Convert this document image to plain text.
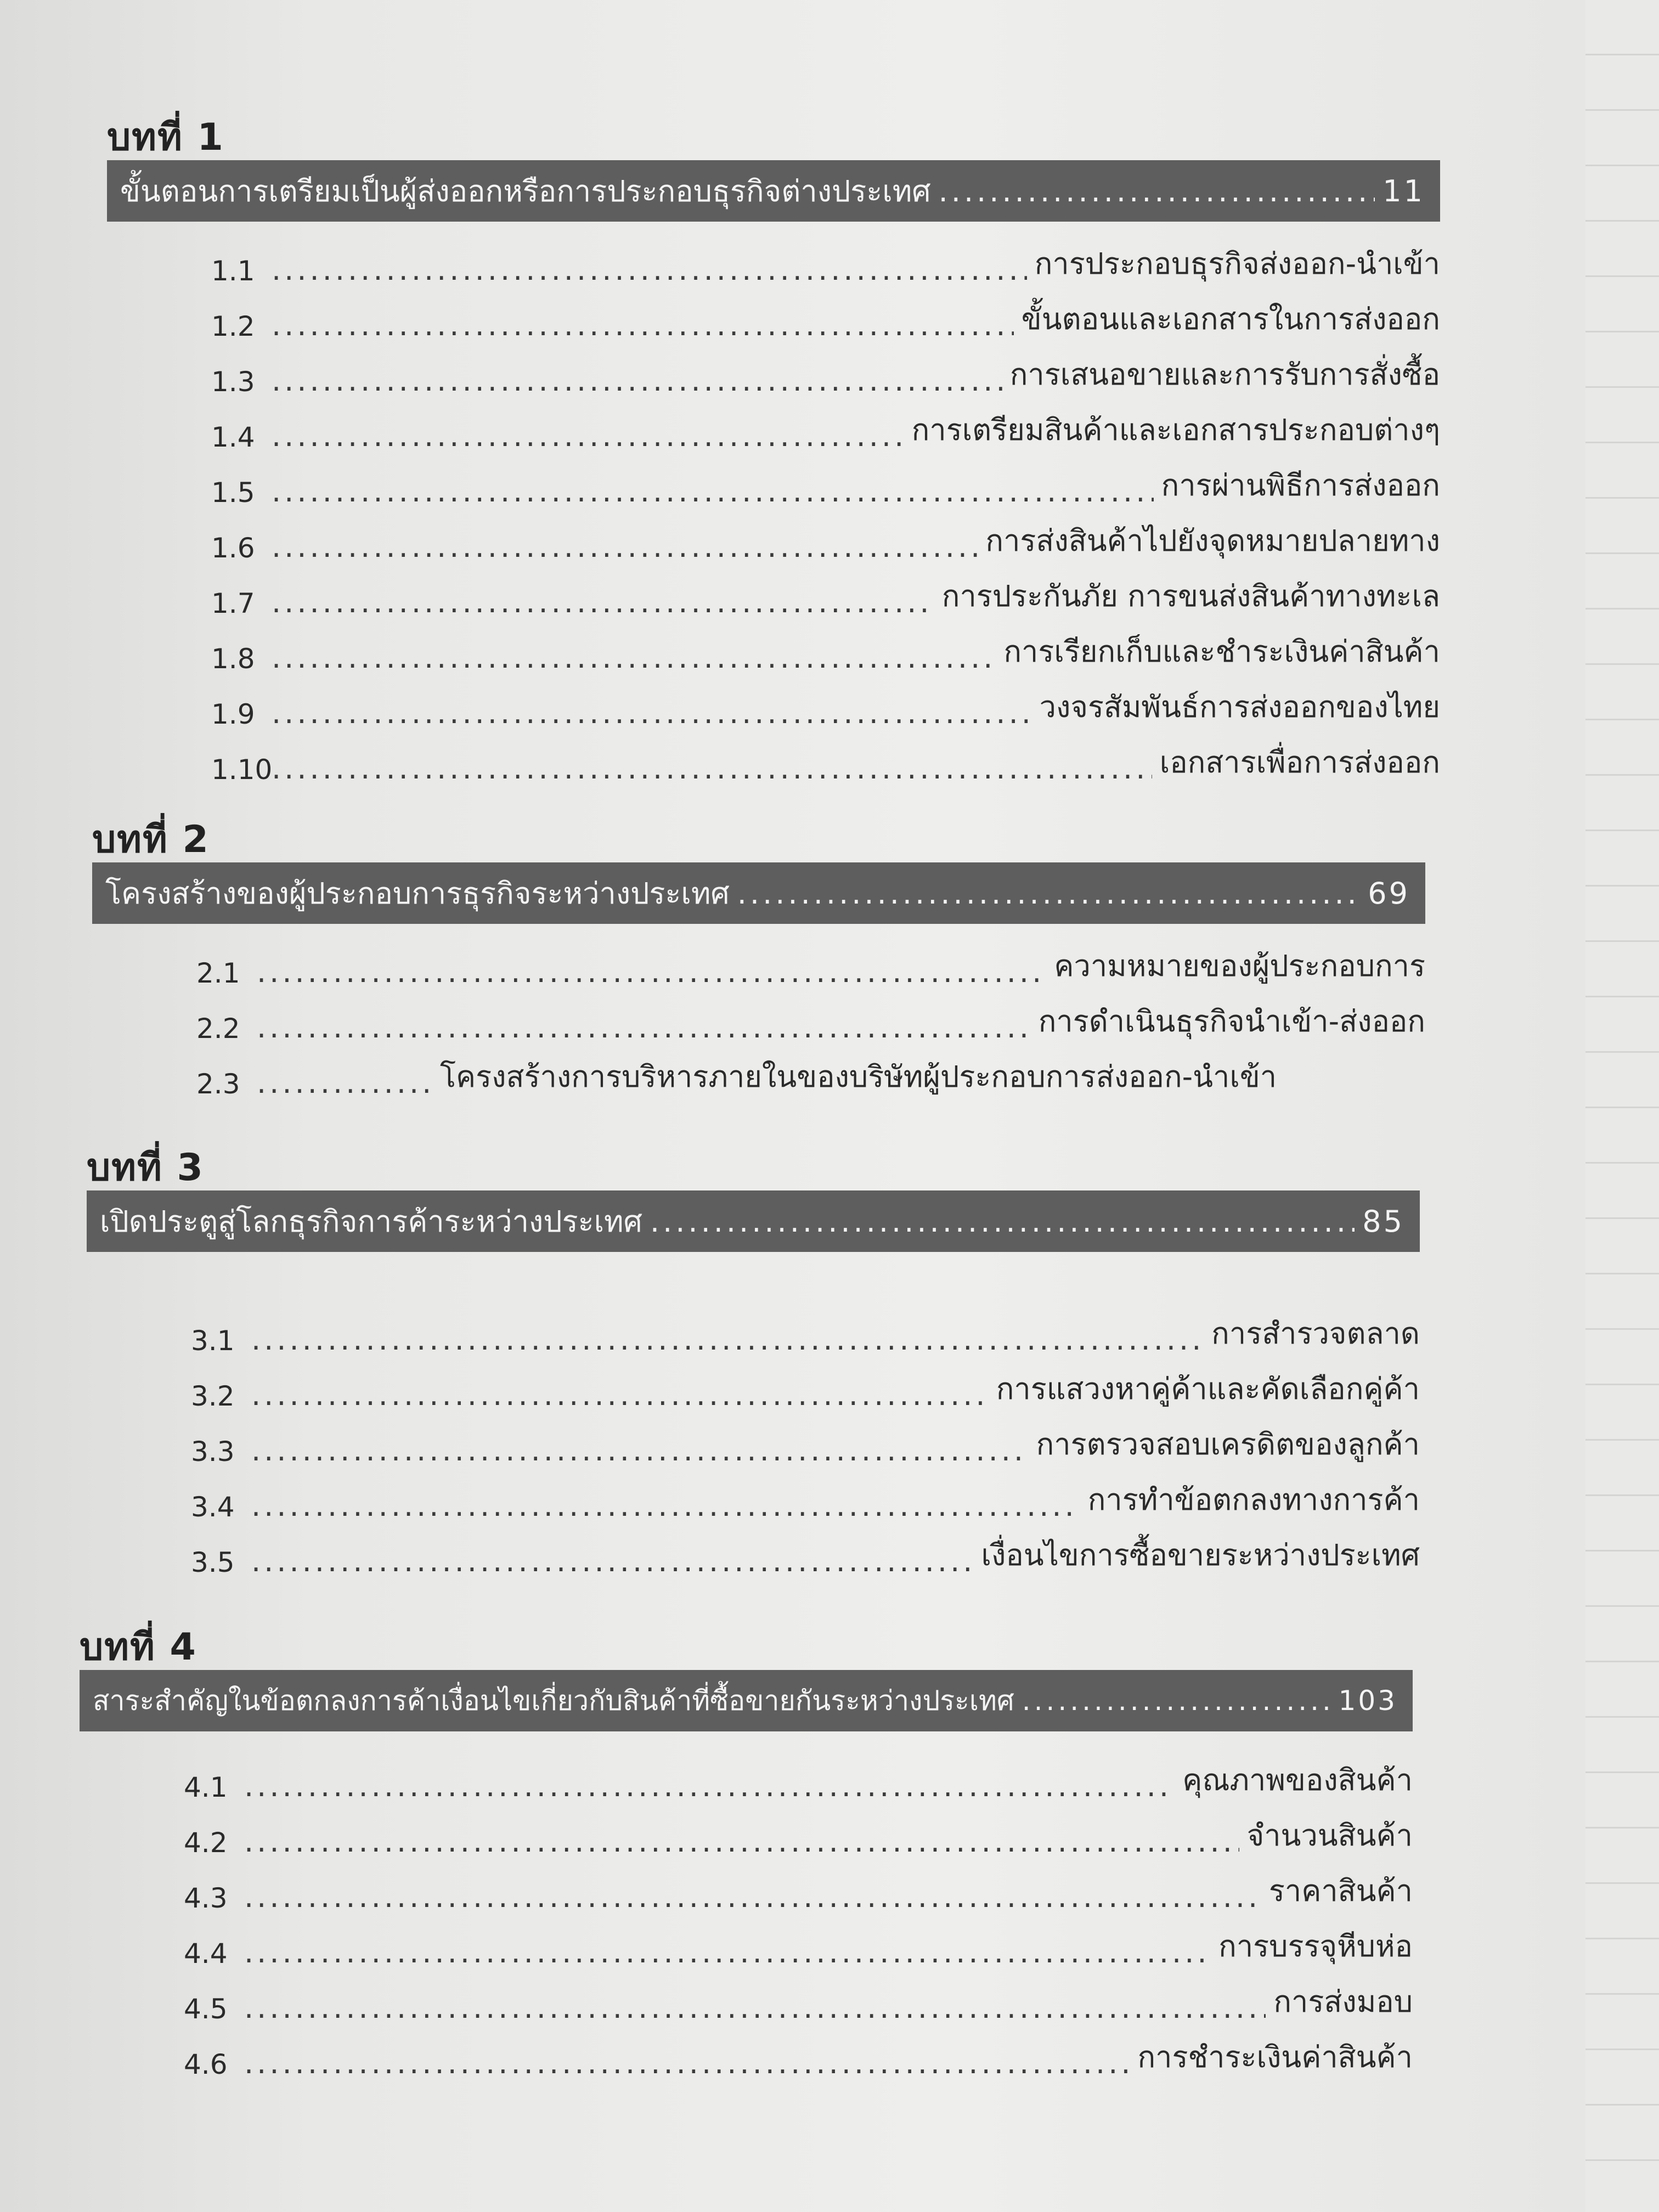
บทที่ 1
ขั้นตอนการเตรียมเป็นผู้ส่งออกหรือการประกอบธุรกิจต่างประเทศ .....	11
1.1 .....	การประกอบธุรกิจส่งออก-นำเข้า
1.2 .....	ขั้นตอนและเอกสารในการส่งออก
1.3 .....	การเสนอขายและการรับการสั่งซื้อ
1.4 .....	การเตรียมสินค้าและเอกสารประกอบต่างๆ
1.5 .....	การผ่านพิธีการส่งออก
1.6 .....	การส่งสินค้าไปยังจุดหมายปลายทาง
1.7 .....	การประกันภัย การขนส่งสินค้าทางทะเล
1.8 .....	การเรียกเก็บและชำระเงินค่าสินค้า
1.9 .....	วงจรสัมพันธ์การส่งออกของไทย
1.10 .....	เอกสารเพื่อการส่งออก
บทที่ 2
โครงสร้างของผู้ประกอบการธุรกิจระหว่างประเทศ .....	69
2.1 .....	ความหมายของผู้ประกอบการ
2.2 .....	การดำเนินธุรกิจนำเข้า-ส่งออก
2.3 .....	โครงสร้างการบริหารภายในของบริษัทผู้ประกอบการส่งออก-นำเข้า
บทที่ 3
เปิดประตูสู่โลกธุรกิจการค้าระหว่างประเทศ .....	85
3.1 .....	การสำรวจตลาด
3.2 .....	การแสวงหาคู่ค้าและคัดเลือกคู่ค้า
3.3 .....	การตรวจสอบเครดิตของลูกค้า
3.4 .....	การทำข้อตกลงทางการค้า
3.5 .....	เงื่อนไขการซื้อขายระหว่างประเทศ
บทที่ 4
สาระสำคัญในข้อตกลงการค้าเงื่อนไขเกี่ยวกับสินค้าที่ซื้อขายกันระหว่างประเทศ .....	103
4.1 .....	คุณภาพของสินค้า
4.2 .....	จำนวนสินค้า
4.3 .....	ราคาสินค้า
4.4 .....	การบรรจุหีบห่อ
4.5 .....	การส่งมอบ
4.6 .....	การชำระเงินค่าสินค้า
